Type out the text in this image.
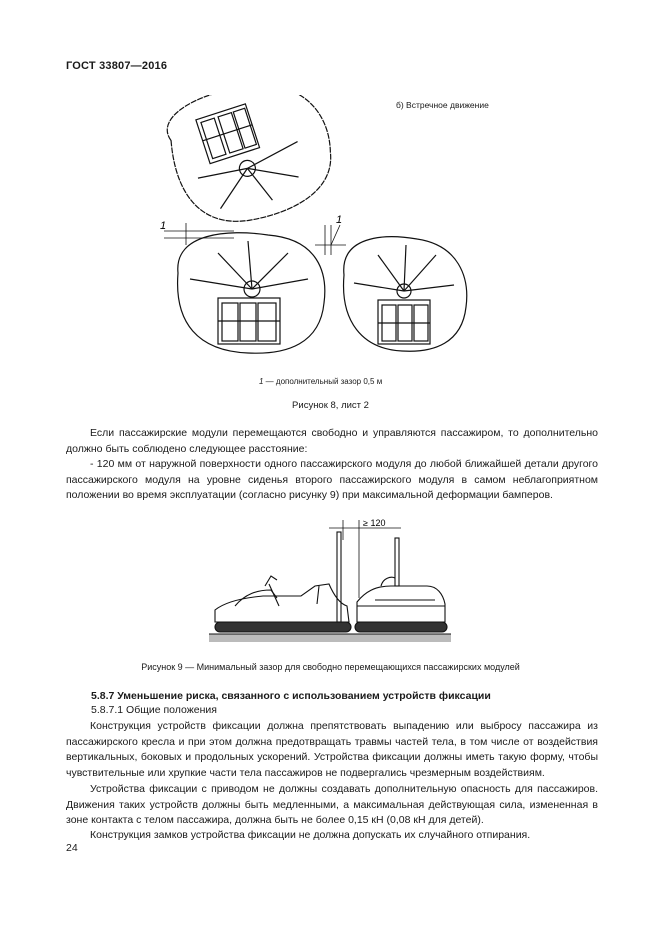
ГОСТ 33807—2016
1	1
б) Встречное движение
1 — дополнительный зазор 0,5 м
Рисунок 8, лист 2
Если пассажирские модули перемещаются свободно и управляются пассажиром, то дополнительно должно быть соблюдено следующее расстояние:
- 120 мм от наружной поверхности одного пассажирского модуля до любой ближайшей детали другого пассажирского модуля на уровне сиденья второго пассажирского модуля в самом неблагоприятном положении во время эксплуатации (согласно рисунку 9) при максимальной деформации бамперов.
≥ 120
Рисунок 9 — Минимальный зазор для свободно перемещающихся пассажирских модулей
5.8.7 Уменьшение риска, связанного с использованием устройств фиксации
5.8.7.1 Общие положения
Конструкция устройств фиксации должна препятствовать выпадению или выбросу пассажира из пассажирского кресла и при этом должна предотвращать травмы частей тела, в том числе от воздействия вертикальных, боковых и продольных ускорений. Устройства фиксации должны иметь такую форму, чтобы чувствительные или хрупкие части тела пассажиров не подвергались чрезмерным воздействиям.
Устройства фиксации с приводом не должны создавать дополнительную опасность для пассажиров. Движения таких устройств должны быть медленными, а максимальная действующая сила, измененная в зоне контакта с телом пассажира, должна быть не более 0,15 кН (0,08 кН для детей).
Конструкция замков устройства фиксации не должна допускать их случайного отпирания.
24
